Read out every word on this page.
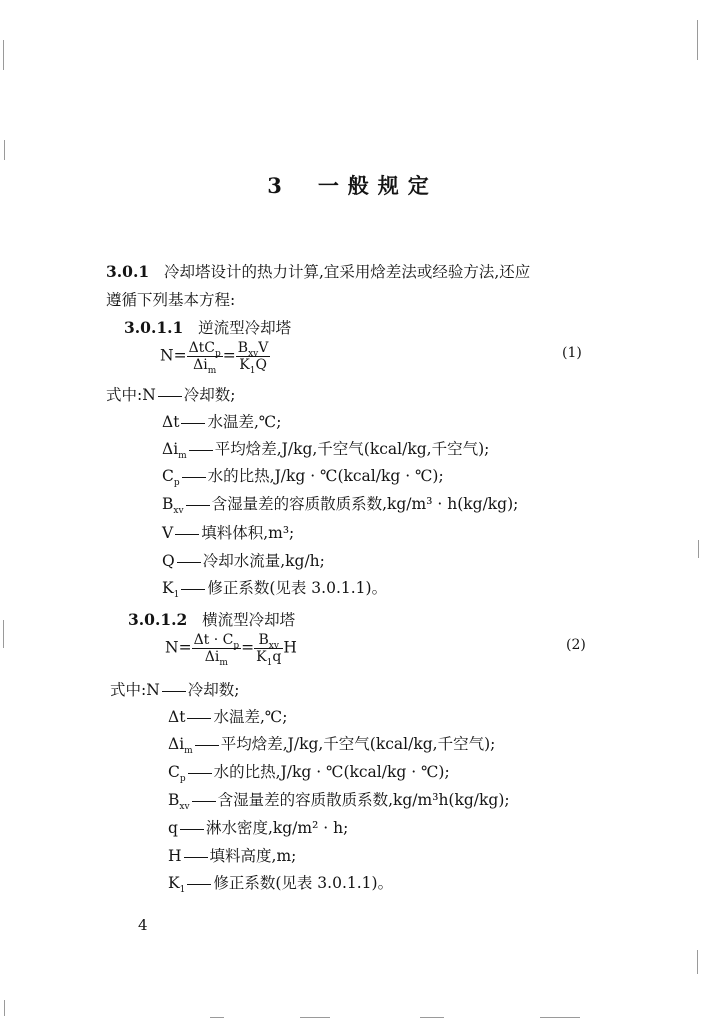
3 一般规定
3.0.1 冷却塔设计的热力计算,宜采用焓差法或经验方法,还应
遵循下列基本方程:
3.0.1.1 逆流型冷却塔
$N= \frac{\Delta tC_p}{\Delta i_m} = \frac{B_{xv}V}{K_1Q}$	(1)
式中:N 冷却数;
Δt 水温差,℃;
$\Delta i_m$ 平均焓差,J/kg,千空气(kcal/kg,千空气);
$C_p$ 水的比热,J/kg · ℃(kcal/kg · ℃);
$B_{xv}$ 含湿量差的容质散质系数,kg/m³ · h(kg/kg);
V 填料体积,m³;
Q 冷却水流量,kg/h;
$K_1$ 修正系数(见表 3.0.1.1)。
3.0.1.2 横流型冷却塔
$N= \frac{\Delta t \cdot C_p}{\Delta i_m} = \frac{B_{xv}}{K_1q}$ H	(2)
式中:N 冷却数;
Δt 水温差,℃;
$\Delta i_m$ 平均焓差,J/kg,千空气(kcal/kg,千空气);
$C_p$ 水的比热,J/kg · ℃(kcal/kg · ℃);
$B_{xv}$ 含湿量差的容质散质系数,kg/m³h(kg/kg);
q 淋水密度,kg/m² · h;
H 填料高度,m;
$K_1$ 修正系数(见表 3.0.1.1)。
4
